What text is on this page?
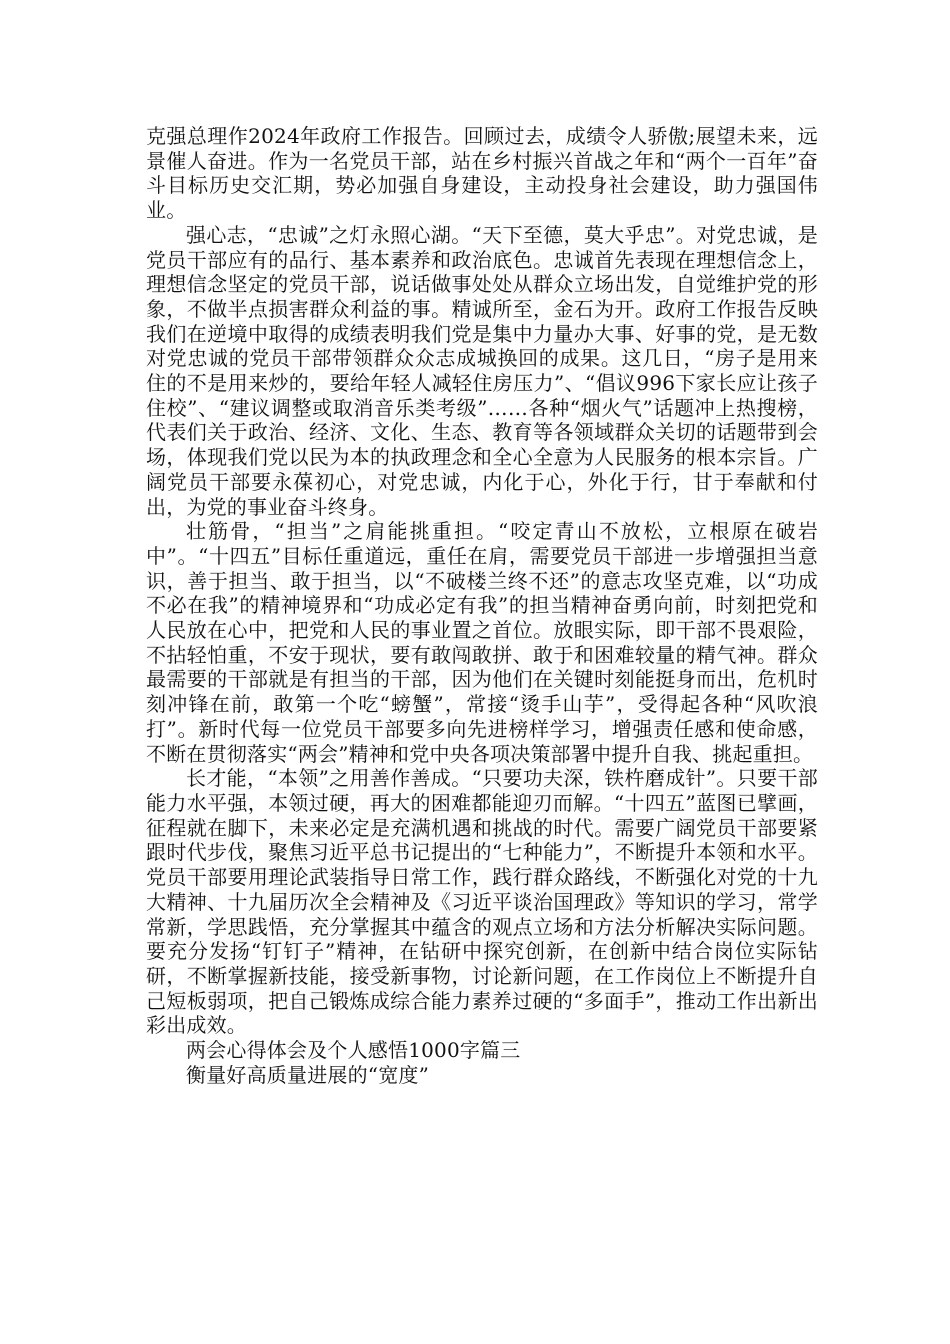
克强总理作2024年政府工作报告。回顾过去，成绩令人骄傲;展望未来，远景催人奋进。作为一名党员干部，站在乡村振兴首战之年和“两个一百年”奋斗目标历史交汇期，势必加强自身建设，主动投身社会建设，助力强国伟业。

强心志，“忠诚”之灯永照心湖。“天下至德，莫大乎忠”。对党忠诚，是党员干部应有的品行、基本素养和政治底色。忠诚首先表现在理想信念上，理想信念坚定的党员干部，说话做事处处从群众立场出发，自觉维护党的形象，不做半点损害群众利益的事。精诚所至，金石为开。政府工作报告反映我们在逆境中取得的成绩表明我们党是集中力量办大事、好事的党，是无数对党忠诚的党员干部带领群众众志成城换回的成果。这几日，“房子是用来住的不是用来炒的，要给年轻人减轻住房压力”、“倡议996下家长应让孩子住校”、“建议调整或取消音乐类考级”……各种“烟火气”话题冲上热搜榜，代表们关于政治、经济、文化、生态、教育等各领域群众关切的话题带到会场，体现我们党以民为本的执政理念和全心全意为人民服务的根本宗旨。广阔党员干部要永葆初心，对党忠诚，内化于心，外化于行，甘于奉献和付出，为党的事业奋斗终身。

壮筋骨，“担当”之肩能挑重担。“咬定青山不放松，立根原在破岩中”。“十四五”目标任重道远，重任在肩，需要党员干部进一步增强担当意识，善于担当、敢于担当，以“不破楼兰终不还”的意志攻坚克难，以“功成不必在我”的精神境界和“功成必定有我”的担当精神奋勇向前，时刻把党和人民放在心中，把党和人民的事业置之首位。放眼实际，即干部不畏艰险，不拈轻怕重，不安于现状，要有敢闯敢拼、敢于和困难较量的精气神。群众最需要的干部就是有担当的干部，因为他们在关键时刻能挺身而出，危机时刻冲锋在前，敢第一个吃“螃蟹”，常接“烫手山芋”，受得起各种“风吹浪打”。新时代每一位党员干部要多向先进榜样学习，增强责任感和使命感，不断在贯彻落实“两会”精神和党中央各项决策部署中提升自我、挑起重担。

长才能，“本领”之用善作善成。“只要功夫深，铁杵磨成针”。只要干部能力水平强，本领过硬，再大的困难都能迎刃而解。“十四五”蓝图已擘画，征程就在脚下，未来必定是充满机遇和挑战的时代。需要广阔党员干部要紧跟时代步伐，聚焦习近平总书记提出的“七种能力”，不断提升本领和水平。党员干部要用理论武装指导日常工作，践行群众路线，不断强化对党的十九大精神、十九届历次全会精神及《习近平谈治国理政》等知识的学习，常学常新，学思践悟，充分掌握其中蕴含的观点立场和方法分析解决实际问题。要充分发扬“钉钉子”精神，在钻研中探究创新，在创新中结合岗位实际钻研，不断掌握新技能，接受新事物，讨论新问题，在工作岗位上不断提升自己短板弱项，把自己锻炼成综合能力素养过硬的“多面手”，推动工作出新出彩出成效。

两会心得体会及个人感悟1000字篇三

衡量好高质量进展的“宽度”
